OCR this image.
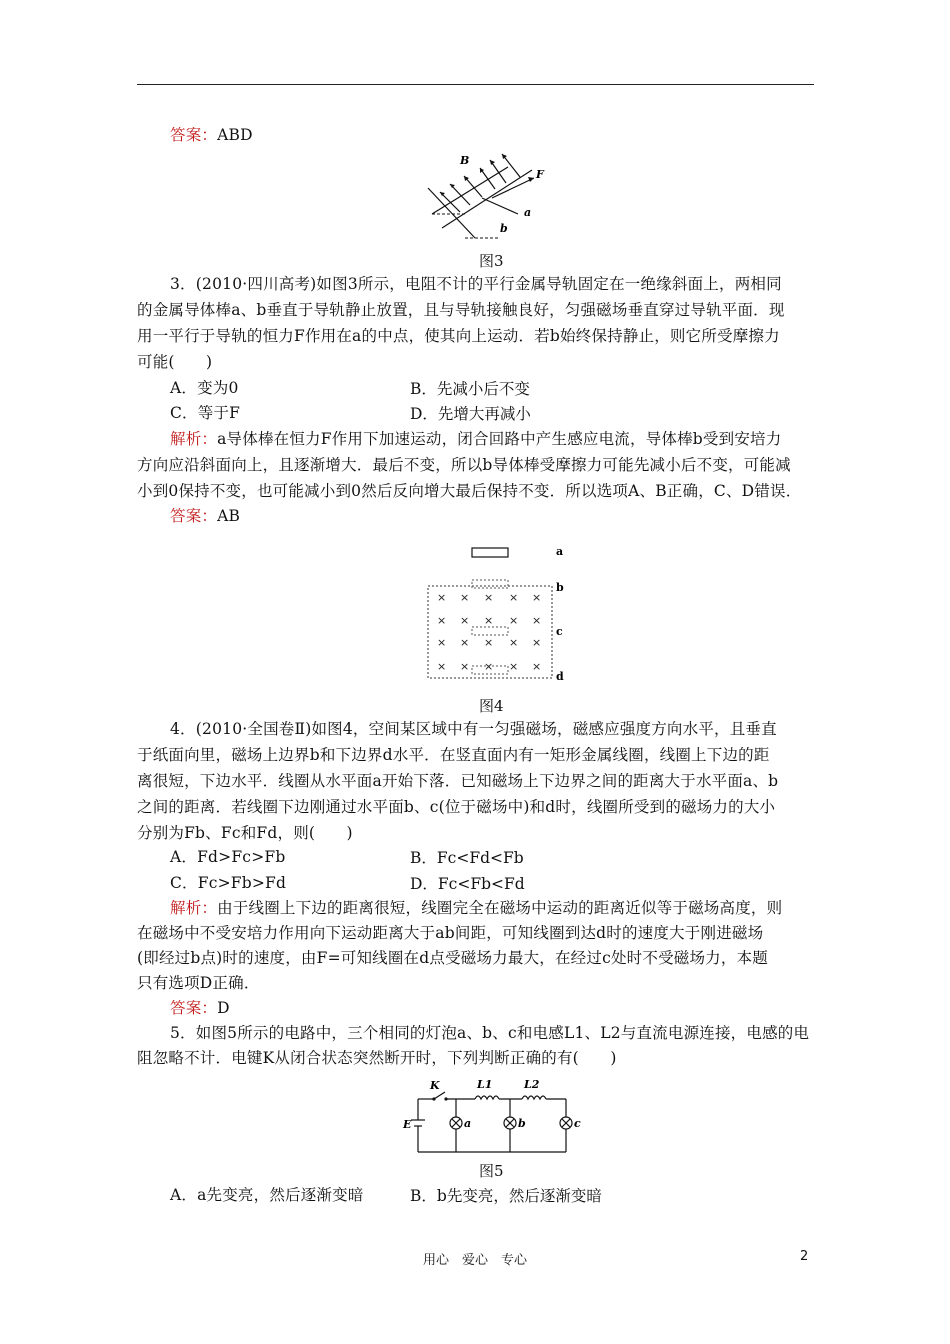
答案：ABD
B
F
a
b
图3
3．(2010·四川高考)如图3所示，电阻不计的平行金属导轨固定在一绝缘斜面上，两相同
的金属导体棒a、b垂直于导轨静止放置，且与导轨接触良好，匀强磁场垂直穿过导轨平面．现
用一平行于导轨的恒力F作用在a的中点，使其向上运动．若b始终保持静止，则它所受摩擦力
可能(　　)
A．变为0	B．先减小后不变
C．等于F	D．先增大再减小
解析：a导体棒在恒力F作用下加速运动，闭合回路中产生感应电流，导体棒b受到安培力
方向应沿斜面向上，且逐渐增大．最后不变，所以b导体棒受摩擦力可能先减小后不变，可能减
小到0保持不变，也可能减小到0然后反向增大最后保持不变．所以选项A、B正确，C、D错误．
答案：AB
× × × × ×
× × × × ×
× × × × ×
× × × × ×
a
b
c
d
图4
4．(2010·全国卷Ⅱ)如图4，空间某区域中有一匀强磁场，磁感应强度方向水平，且垂直
于纸面向里，磁场上边界b和下边界d水平．在竖直面内有一矩形金属线圈，线圈上下边的距
离很短，下边水平．线圈从水平面a开始下落．已知磁场上下边界之间的距离大于水平面a、b
之间的距离．若线圈下边刚通过水平面b、c(位于磁场中)和d时，线圈所受到的磁场力的大小
分别为Fb、Fc和Fd，则(　　)
A．Fd>Fc>Fb	B．Fc<Fd<Fb
C．Fc>Fb>Fd	D．Fc<Fb<Fd
解析：由于线圈上下边的距离很短，线圈完全在磁场中运动的距离近似等于磁场高度，则
在磁场中不受安培力作用向下运动距离大于ab间距，可知线圈到达d时的速度大于刚进磁场
(即经过b点)时的速度，由F=可知线圈在d点受磁场力最大，在经过c处时不受磁场力，本题
只有选项D正确．
答案：D
5．如图5所示的电路中，三个相同的灯泡a、b、c和电感L1、L2与直流电源连接，电感的电
阻忽略不计．电键K从闭合状态突然断开时，下列判断正确的有(　　)
K	L1	L2
E	a	b	c
图5
A．a先变亮，然后逐渐变暗	B．b先变亮，然后逐渐变暗
用心　爱心　专心	2
